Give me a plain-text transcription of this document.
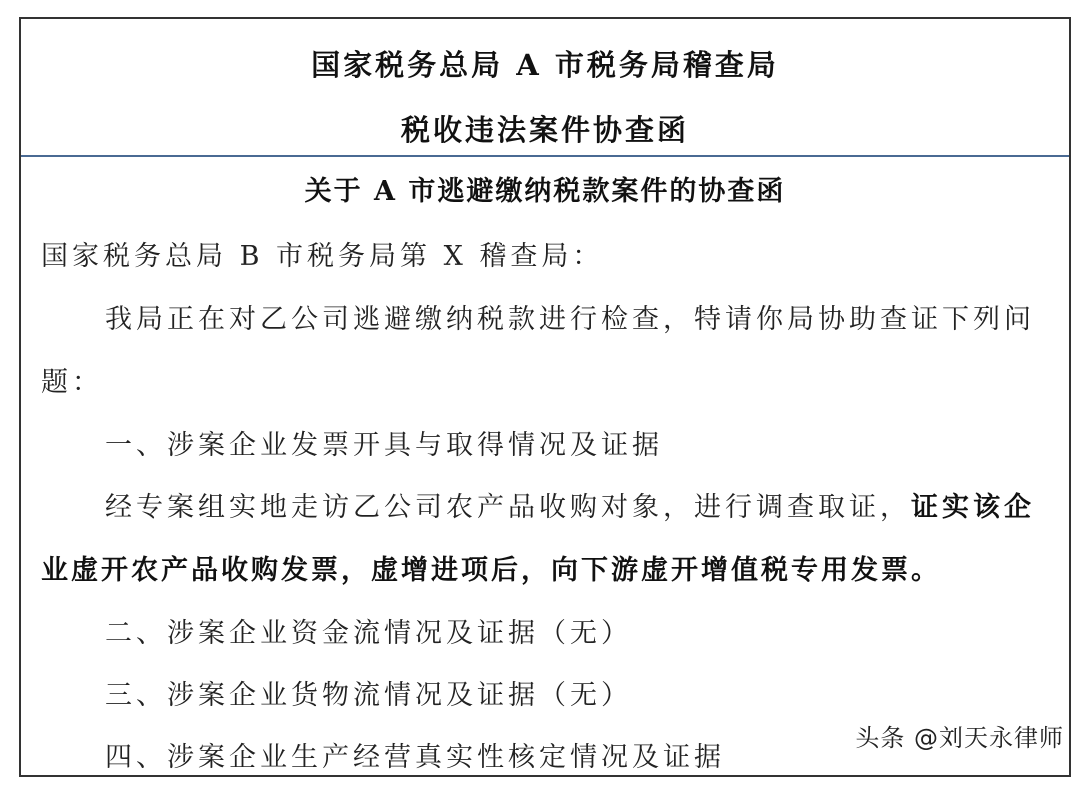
国家税务总局 A 市税务局稽查局
税收违法案件协查函
关于 A 市逃避缴纳税款案件的协查函
国家税务总局 B 市税务局第 X 稽查局：
我局正在对乙公司逃避缴纳税款进行检查，特请你局协助查证下列问
题：
一、涉案企业发票开具与取得情况及证据
经专案组实地走访乙公司农产品收购对象，进行调查取证，证实该企
业虚开农产品收购发票，虚增进项后，向下游虚开增值税专用发票。
二、涉案企业资金流情况及证据（无）
三、涉案企业货物流情况及证据（无）
四、涉案企业生产经营真实性核定情况及证据
头条 @刘天永律师
